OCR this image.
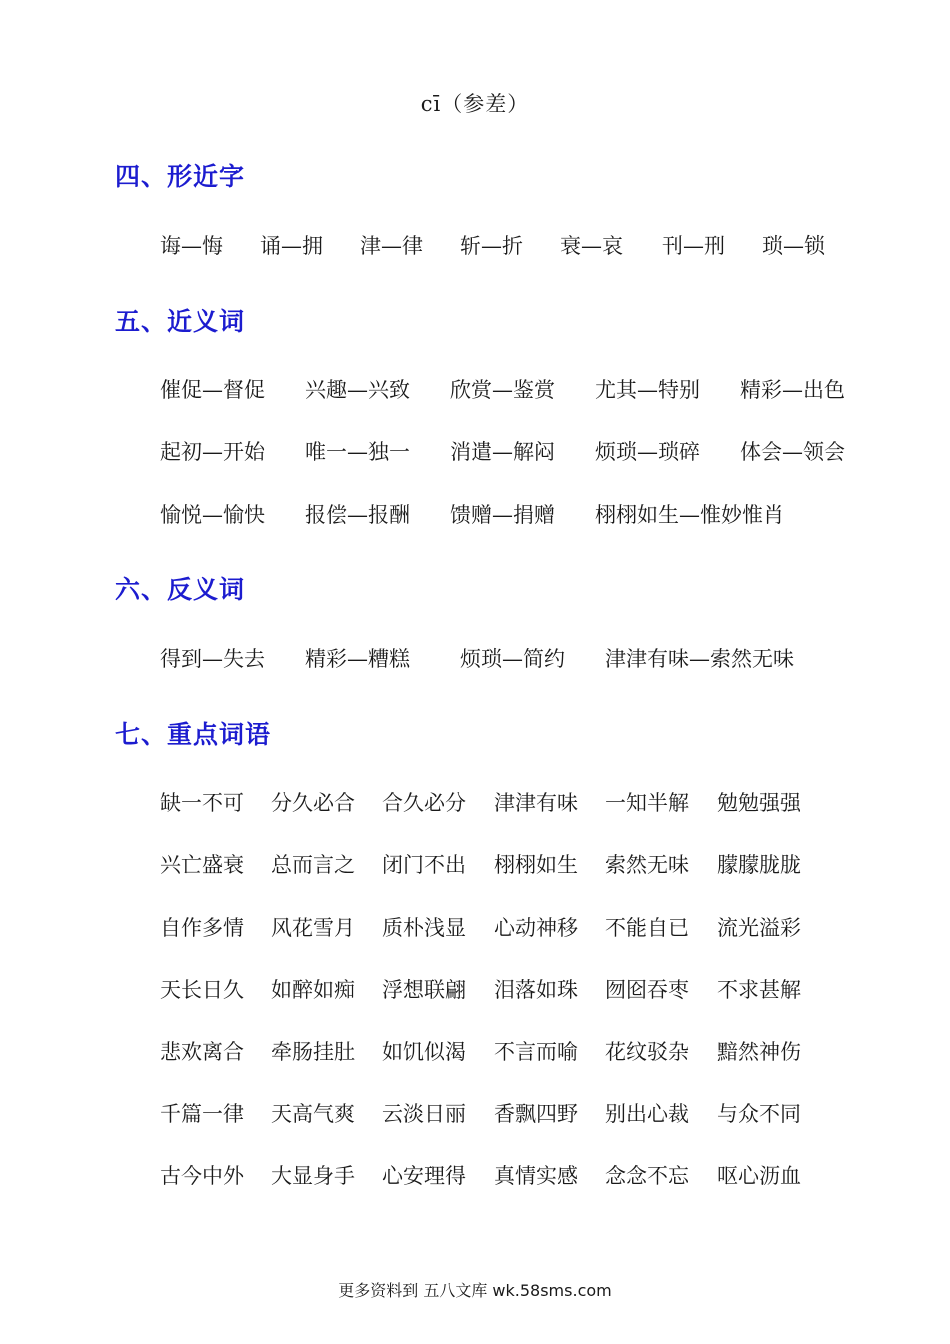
cī（参差）
四、形近字
诲—悔 诵—拥 津—律 斩—折 衰—哀 刊—刑 琐—锁
五、近义词
催促—督促 兴趣—兴致 欣赏—鉴赏 尤其—特别 精彩—出色
起初—开始 唯一—独一 消遣—解闷 烦琐—琐碎 体会—领会
愉悦—愉快 报偿—报酬 馈赠—捐赠 栩栩如生—惟妙惟肖
六、反义词
得到—失去 精彩—糟糕 烦琐—简约 津津有味—索然无味
七、重点词语
缺一不可 分久必合 合久必分 津津有味 一知半解 勉勉强强
兴亡盛衰 总而言之 闭门不出 栩栩如生 索然无味 朦朦胧胧
自作多情 风花雪月 质朴浅显 心动神移 不能自已 流光溢彩
天长日久 如醉如痴 浮想联翩 泪落如珠 囫囵吞枣 不求甚解
悲欢离合 牵肠挂肚 如饥似渴 不言而喻 花纹驳杂 黯然神伤
千篇一律 天高气爽 云淡日丽 香飘四野 别出心裁 与众不同
古今中外 大显身手 心安理得 真情实感 念念不忘 呕心沥血
更多资料到 五八文库 wk.58sms.com
